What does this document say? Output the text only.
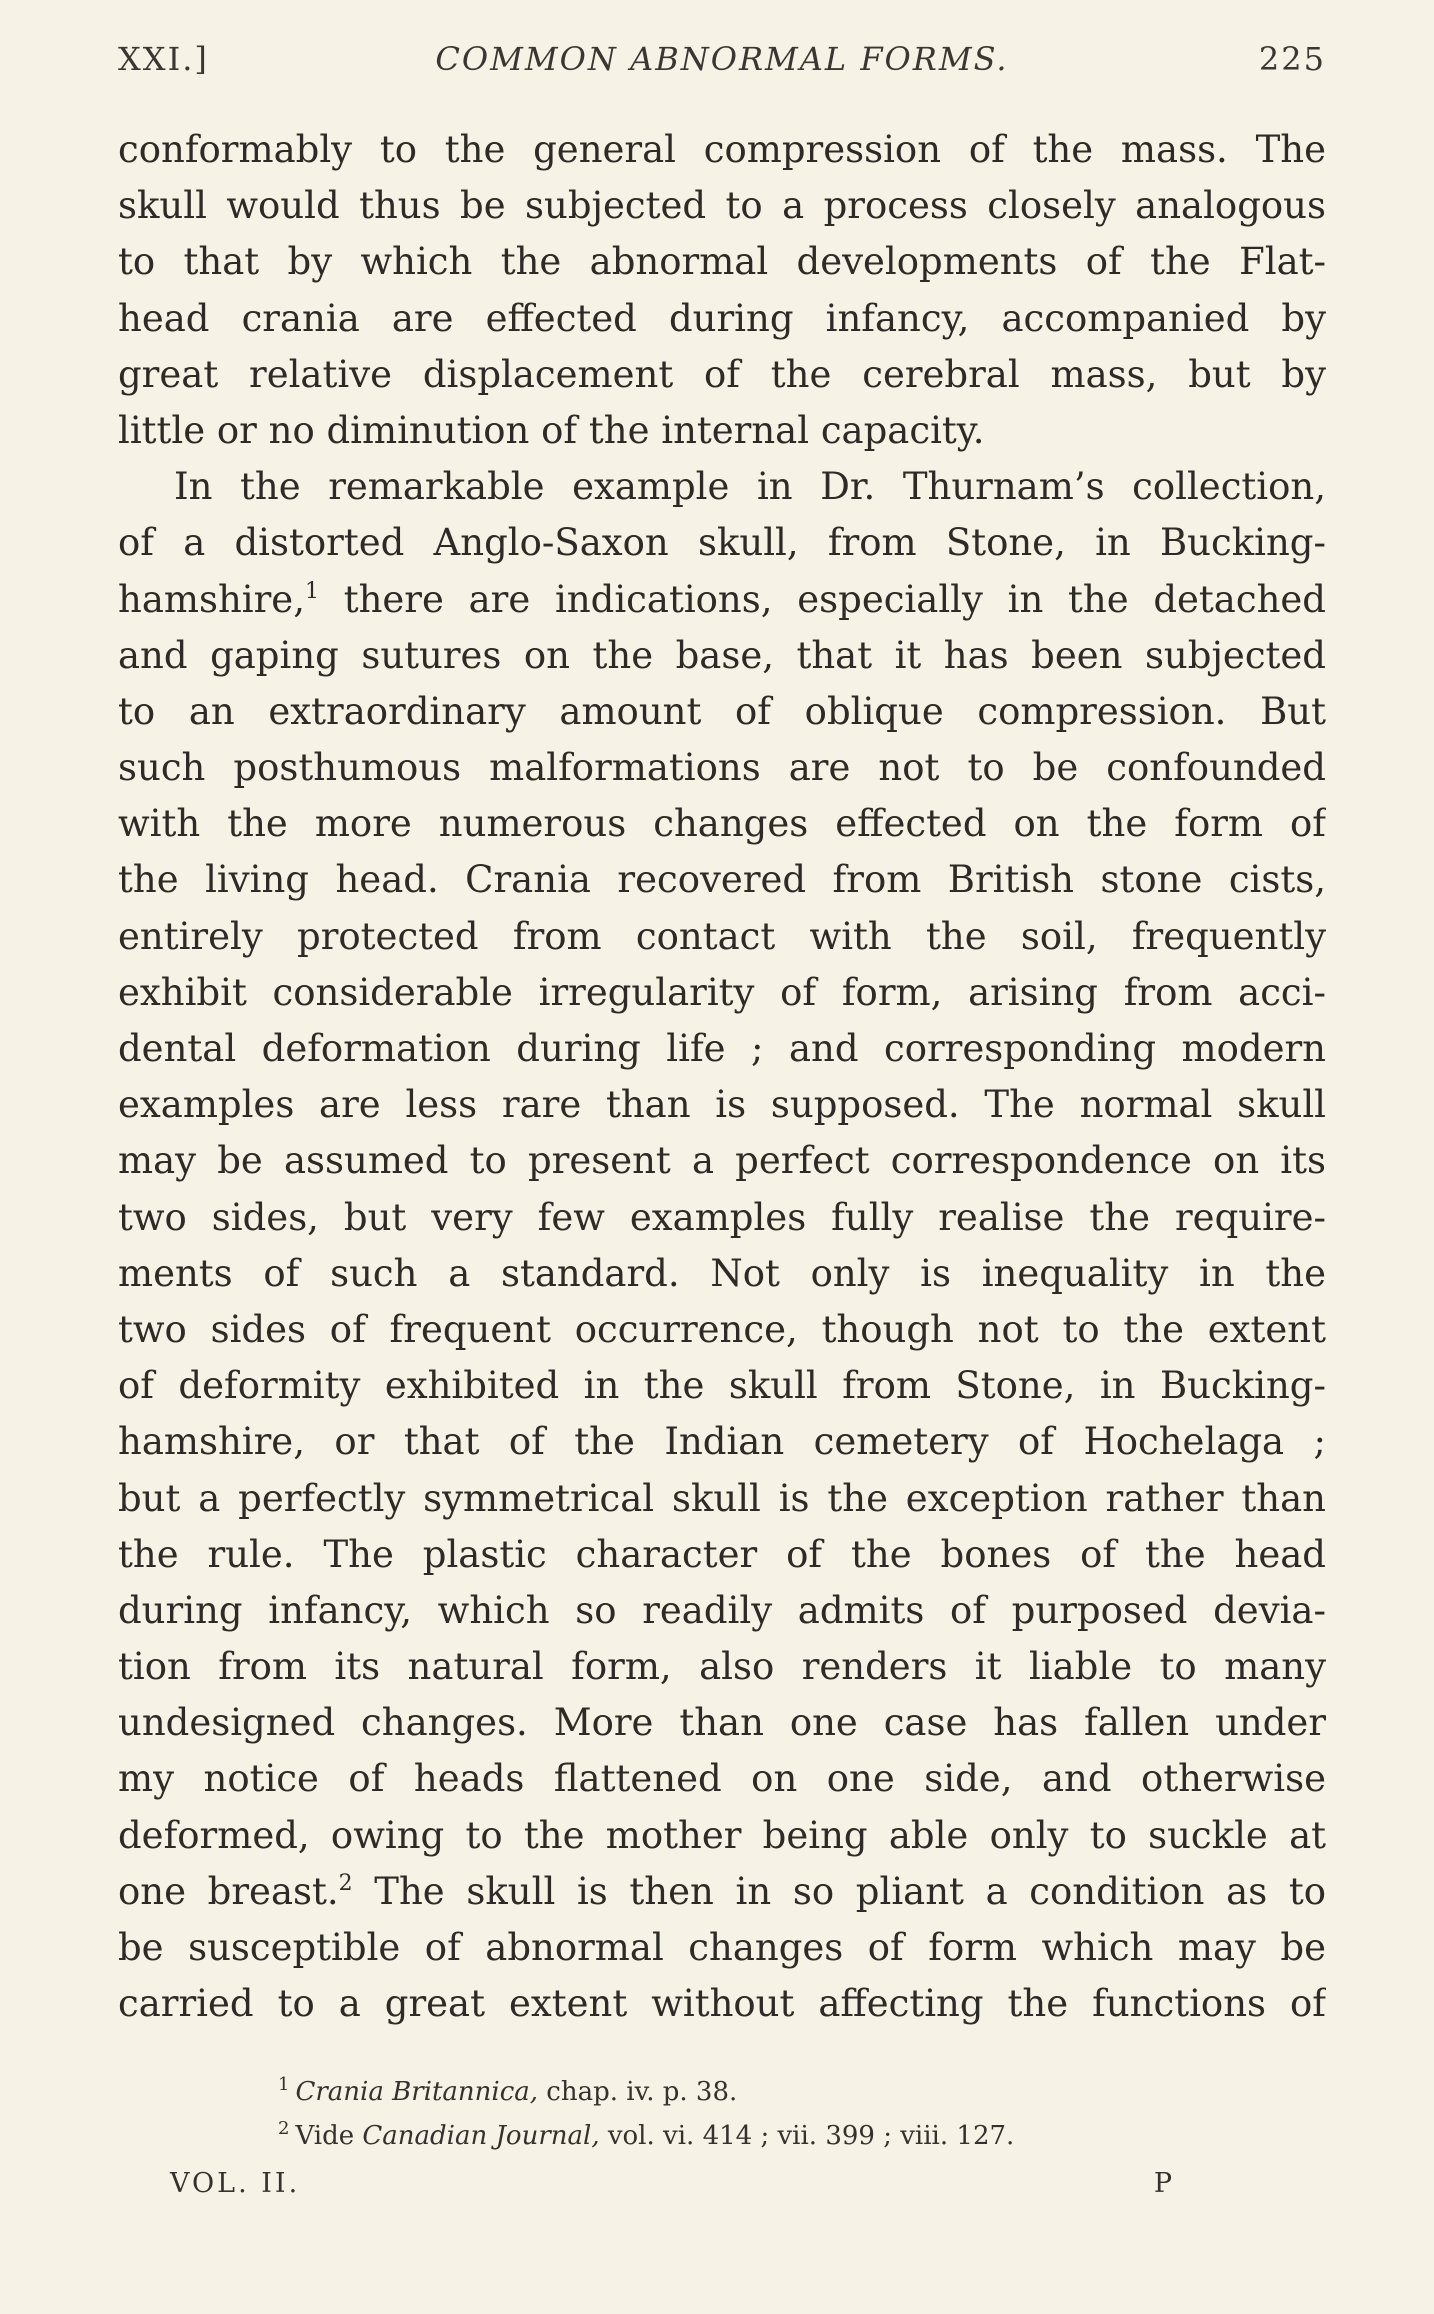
XXI.]	COMMON ABNORMAL FORMS.	225
conformably to the general compression of the mass. The
skull would thus be subjected to a process closely analogous
to that by which the abnormal developments of the Flat-
head crania are effected during infancy, accompanied by
great relative displacement of the cerebral mass, but by
little or no diminution of the internal capacity.
In the remarkable example in Dr. Thurnam’s collection,
of a distorted Anglo-Saxon skull, from Stone, in Bucking-
hamshire,$^1$ there are indications, especially in the detached
and gaping sutures on the base, that it has been subjected
to an extraordinary amount of oblique compression. But
such posthumous malformations are not to be confounded
with the more numerous changes effected on the form of
the living head. Crania recovered from British stone cists,
entirely protected from contact with the soil, frequently
exhibit considerable irregularity of form, arising from acci-
dental deformation during life ; and corresponding modern
examples are less rare than is supposed. The normal skull
may be assumed to present a perfect correspondence on its
two sides, but very few examples fully realise the require-
ments of such a standard. Not only is inequality in the
two sides of frequent occurrence, though not to the extent
of deformity exhibited in the skull from Stone, in Bucking-
hamshire, or that of the Indian cemetery of Hochelaga ;
but a perfectly symmetrical skull is the exception rather than
the rule. The plastic character of the bones of the head
during infancy, which so readily admits of purposed devia-
tion from its natural form, also renders it liable to many
undesigned changes. More than one case has fallen under
my notice of heads flattened on one side, and otherwise
deformed, owing to the mother being able only to suckle at
one breast.$^2$ The skull is then in so pliant a condition as to
be susceptible of abnormal changes of form which may be
carried to a great extent without affecting the functions of
$^1$ Crania Britannica, chap. iv. p. 38.
$^2$ Vide Canadian Journal, vol. vi. 414 ; vii. 399 ; viii. 127.
VOL. II.	P
